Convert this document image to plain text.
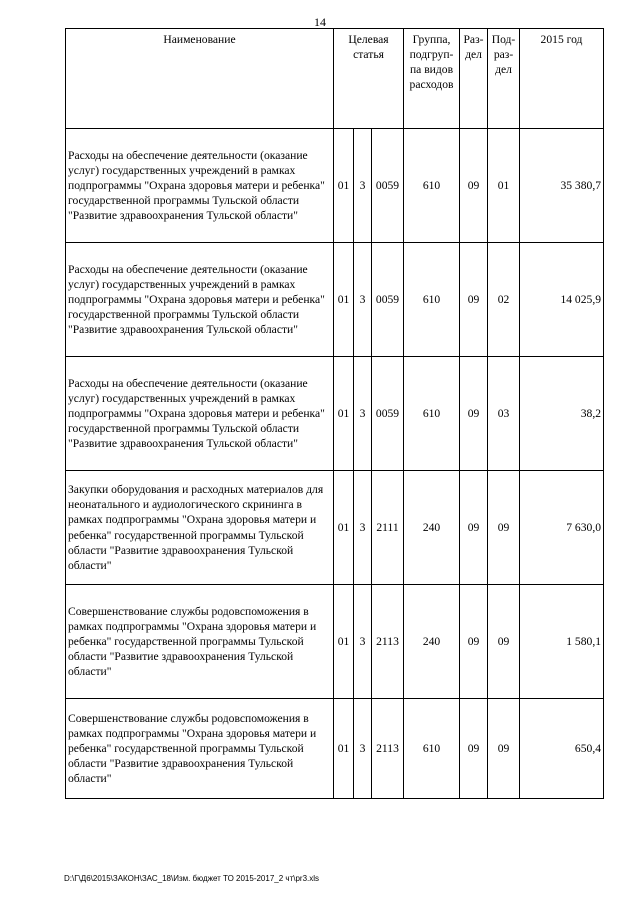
14
Наименование	Целевая статья			Группа, подгруп-па видов расходов	Раз-дел	Под-раз-дел	2015 год
Расходы на обеспечение деятельности (оказание услуг) государственных учреждений в рамках подпрограммы "Охрана здоровья матери и ребенка" государственной программы Тульской области "Развитие здравоохранения Тульской области"	01	3	0059	610	09	01	35 380,7
Расходы на обеспечение деятельности (оказание услуг) государственных учреждений в рамках подпрограммы "Охрана здоровья матери и ребенка" государственной программы Тульской области "Развитие здравоохранения Тульской области"	01	3	0059	610	09	02	14 025,9
Расходы на обеспечение деятельности (оказание услуг) государственных учреждений в рамках подпрограммы "Охрана здоровья матери и ребенка" государственной программы Тульской области "Развитие здравоохранения Тульской области"	01	3	0059	610	09	03	38,2
Закупки оборудования и расходных материалов для неонатального и аудиологического скрининга в рамках подпрограммы "Охрана здоровья матери и ребенка" государственной программы Тульской области "Развитие здравоохранения Тульской области"	01	3	2111	240	09	09	7 630,0
Совершенствование службы родовспоможения в рамках подпрограммы "Охрана здоровья матери и ребенка" государственной программы Тульской области "Развитие здравоохранения Тульской области"	01	3	2113	240	09	09	1 580,1
Совершенствование службы родовспоможения в рамках подпрограммы "Охрана здоровья матери и ребенка" государственной программы Тульской области "Развитие здравоохранения Тульской области"	01	3	2113	610	09	09	650,4
D:\Г\Д6\2015\ЗАКОН\ЗАС_18\Изм. бюджет ТО 2015-2017_2 чт\pr3.xls
